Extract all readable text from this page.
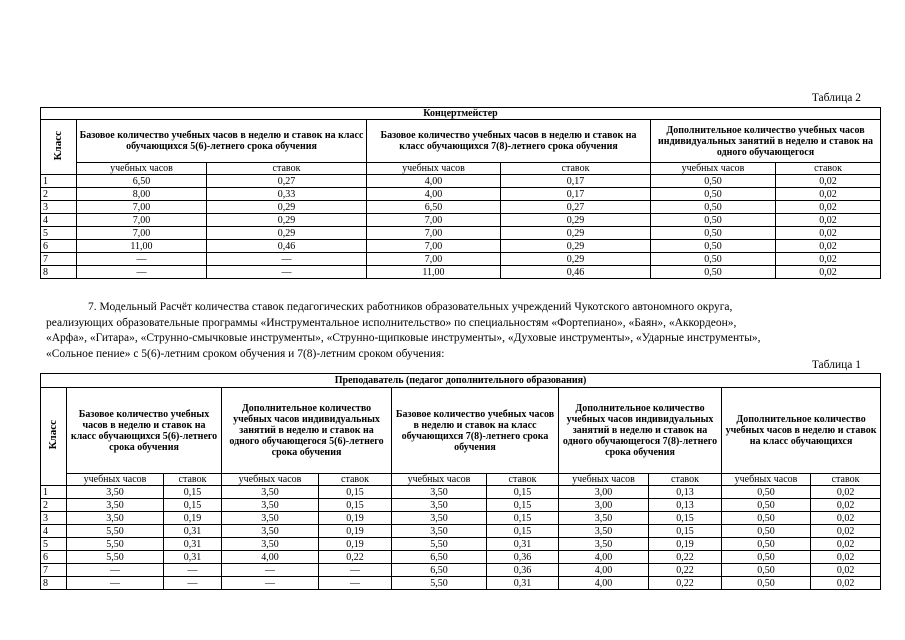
Таблица 2
Концертмейстер						
Класс	Базовое количество учебных часов в неделю и ставок на класс обучающихся 5(6)-летнего срока обучения		Базовое количество учебных часов в неделю и ставок на класс обучающихся 7(8)-летнего срока обучения		Дополнительное количество учебных часов индивидуальных занятий в неделю и ставок на одного обучающегося	
	учебных часов	ставок	учебных часов	ставок	учебных часов	ставок
1	6,50	0,27	4,00	0,17	0,50	0,02
2	8,00	0,33	4,00	0,17	0,50	0,02
3	7,00	0,29	6,50	0,27	0,50	0,02
4	7,00	0,29	7,00	0,29	0,50	0,02
5	7,00	0,29	7,00	0,29	0,50	0,02
6	11,00	0,46	7,00	0,29	0,50	0,02
7	—	—	7,00	0,29	0,50	0,02
8	—	—	11,00	0,46	0,50	0,02
7. Модельный Расчёт количества ставок педагогических работников образовательных учреждений Чукотского автономного округа,
реализующих образовательные программы «Инструментальное исполнительство» по специальностям «Фортепиано», «Баян», «Аккордеон»,
«Арфа», «Гитара», «Струнно-смычковые инструменты», «Струнно-щипковые инструменты», «Духовые инструменты», «Ударные инструменты»,
«Сольное пение» с 5(6)-летним сроком обучения и 7(8)-летним сроком обучения:
Таблица 1
Преподаватель (педагог дополнительного образования)										
Класс	Базовое количество учебных часов в неделю и ставок на класс обучающихся 5(6)-летнего срока обучения		Дополнительное количество учебных часов индивидуальных занятий в неделю и ставок на одного обучающегося 5(6)-летнего срока обучения		Базовое количество учебных часов в неделю и ставок на класс обучающихся 7(8)-летнего срока обучения		Дополнительное количество учебных часов индивидуальных занятий в неделю и ставок на одного обучающегося 7(8)-летнего срока обучения		Дополнительное количество учебных часов в неделю и ставок на класс обучающихся	
	учебных часов	ставок	учебных часов	ставок	учебных часов	ставок	учебных часов	ставок	учебных часов	ставок
1	3,50	0,15	3,50	0,15	3,50	0,15	3,00	0,13	0,50	0,02
2	3,50	0,15	3,50	0,15	3,50	0,15	3,00	0,13	0,50	0,02
3	3,50	0,19	3,50	0,19	3,50	0,15	3,50	0,15	0,50	0,02
4	5,50	0,31	3,50	0,19	3,50	0,15	3,50	0,15	0,50	0,02
5	5,50	0,31	3,50	0,19	5,50	0,31	3,50	0,19	0,50	0,02
6	5,50	0,31	4,00	0,22	6,50	0,36	4,00	0,22	0,50	0,02
7	—	—	—	—	6,50	0,36	4,00	0,22	0,50	0,02
8	—	—	—	—	5,50	0,31	4,00	0,22	0,50	0,02
